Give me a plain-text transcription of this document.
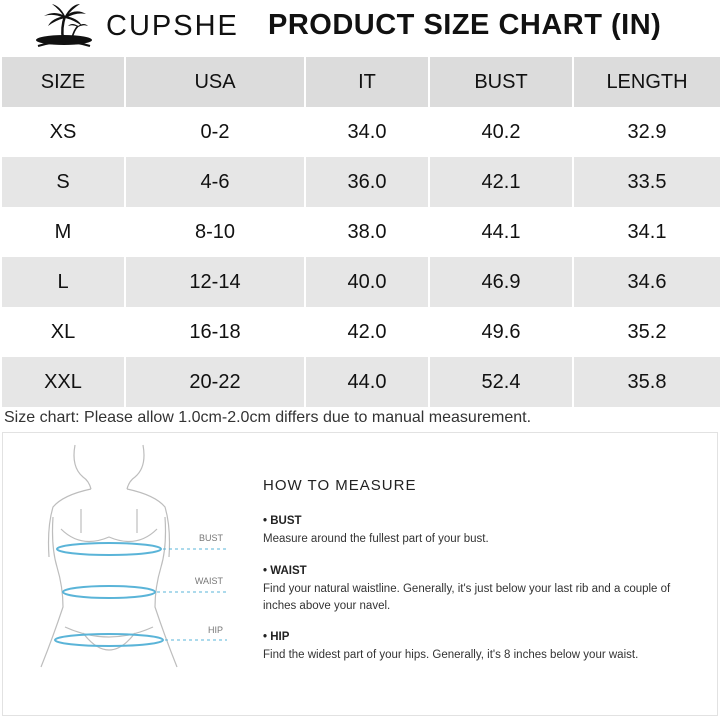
CUPSHE PRODUCT SIZE CHART (IN)
SIZE	USA	IT	BUST	LENGTH
XS	0-2	34.0	40.2	32.9
S	4-6	36.0	42.1	33.5
M	8-10	38.0	44.1	34.1
L	12-14	40.0	46.9	34.6
XL	16-18	42.0	49.6	35.2
XXL	20-22	44.0	52.4	35.8
Size chart: Please allow 1.0cm-2.0cm differs due to manual measurement.
BUST
WAIST
HIP
HOW TO MEASURE
• BUST
Measure around the fullest part of your bust.
• WAIST
Find your natural waistline. Generally, it's just below your last rib and a couple of inches above your navel.
• HIP
Find the widest part of your hips. Generally, it's 8 inches below your waist.
